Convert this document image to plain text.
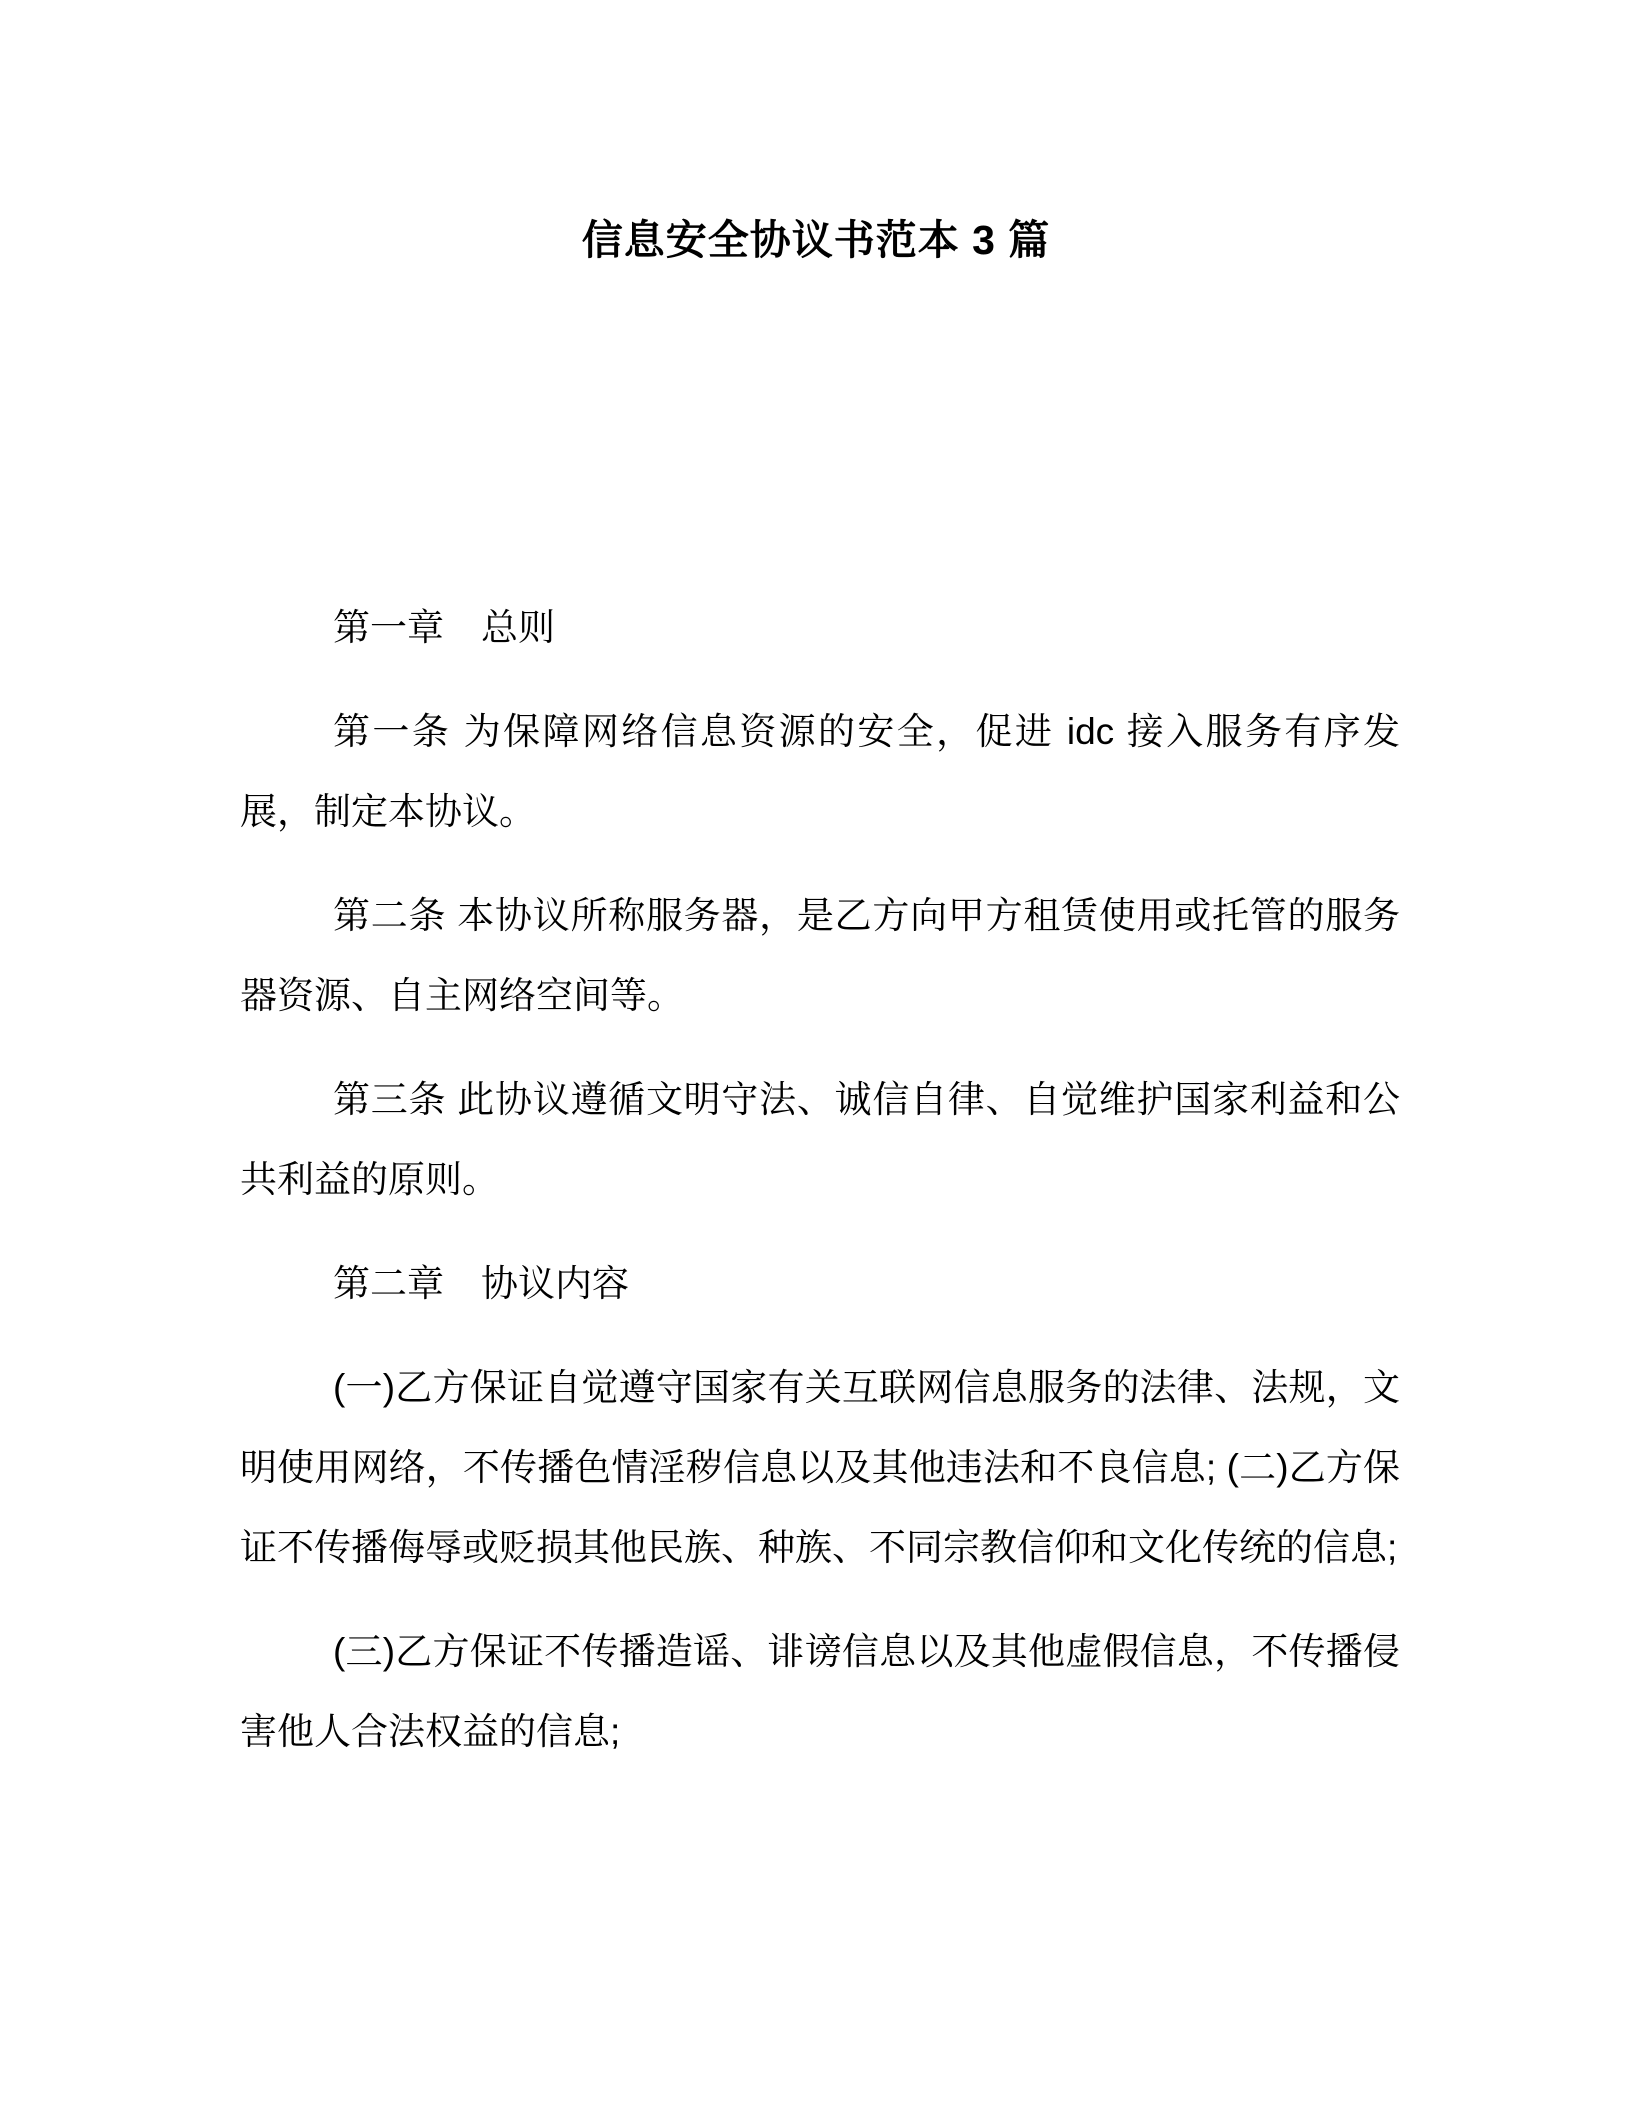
信息安全协议书范本 3 篇

第一章　总则

第一条 为保障网络信息资源的安全，促进 idc 接入服务有序发展，制定本协议。

第二条 本协议所称服务器，是乙方向甲方租赁使用或托管的服务器资源、自主网络空间等。

第三条 此协议遵循文明守法、诚信自律、自觉维护国家利益和公共利益的原则。

第二章　协议内容

(一)乙方保证自觉遵守国家有关互联网信息服务的法律、法规，文明使用网络，不传播色情淫秽信息以及其他违法和不良信息; (二)乙方保证不传播侮辱或贬损其他民族、种族、不同宗教信仰和文化传统的信息;

(三)乙方保证不传播造谣、诽谤信息以及其他虚假信息，不传播侵害他人合法权益的信息;
